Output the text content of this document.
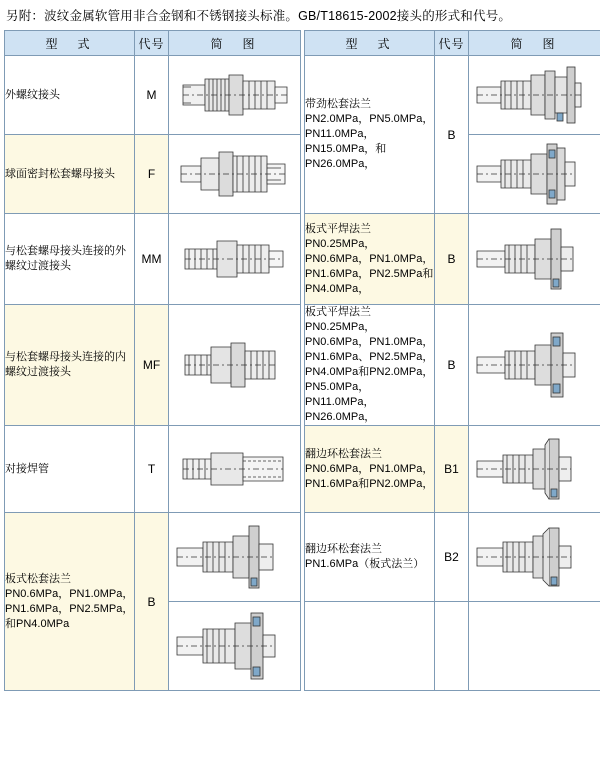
另附：波纹金属软管用非合金钢和不锈钢接头标准。GB/T18615-2002接头的形式和代号。
型　式	代号	简　图		型　式	代号	简　图
外螺纹接头	M			带劲松套法兰 PN2.0MPa，PN5.0MPa，PN11.0MPa，PN15.0MPa，和PN26.0MPa，	B	

球面密封松套螺母接头	F	

与松套螺母接头连接的外螺纹过渡接头	MM			板式平焊法兰 PN0.25MPa，PN0.6MPa，PN1.0MPa，PN1.6MPa，PN2.5MPa和PN4.0MPa，	B	

与松套螺母接头连接的内螺纹过渡接头	MF			板式平焊法兰 PN0.25MPa，PN0.6MPa，PN1.0MPa，PN1.6MPa、PN2.5MPa，PN4.0MPa和PN2.0MPa，PN5.0MPa，PN11.0MPa，PN26.0MPa，	B	

对接焊管	T			翻边环松套法兰 PN0.6MPa，PN1.0MPa，PN1.6MPa和PN2.0MPa，	B1	

板式松套法兰 PN0.6MPa，PN1.0MPa，PN1.6MPa，PN2.5MPa，和PN4.0MPa	B			翻边环松套法兰 PN1.6MPa（板式法兰）	B2	
